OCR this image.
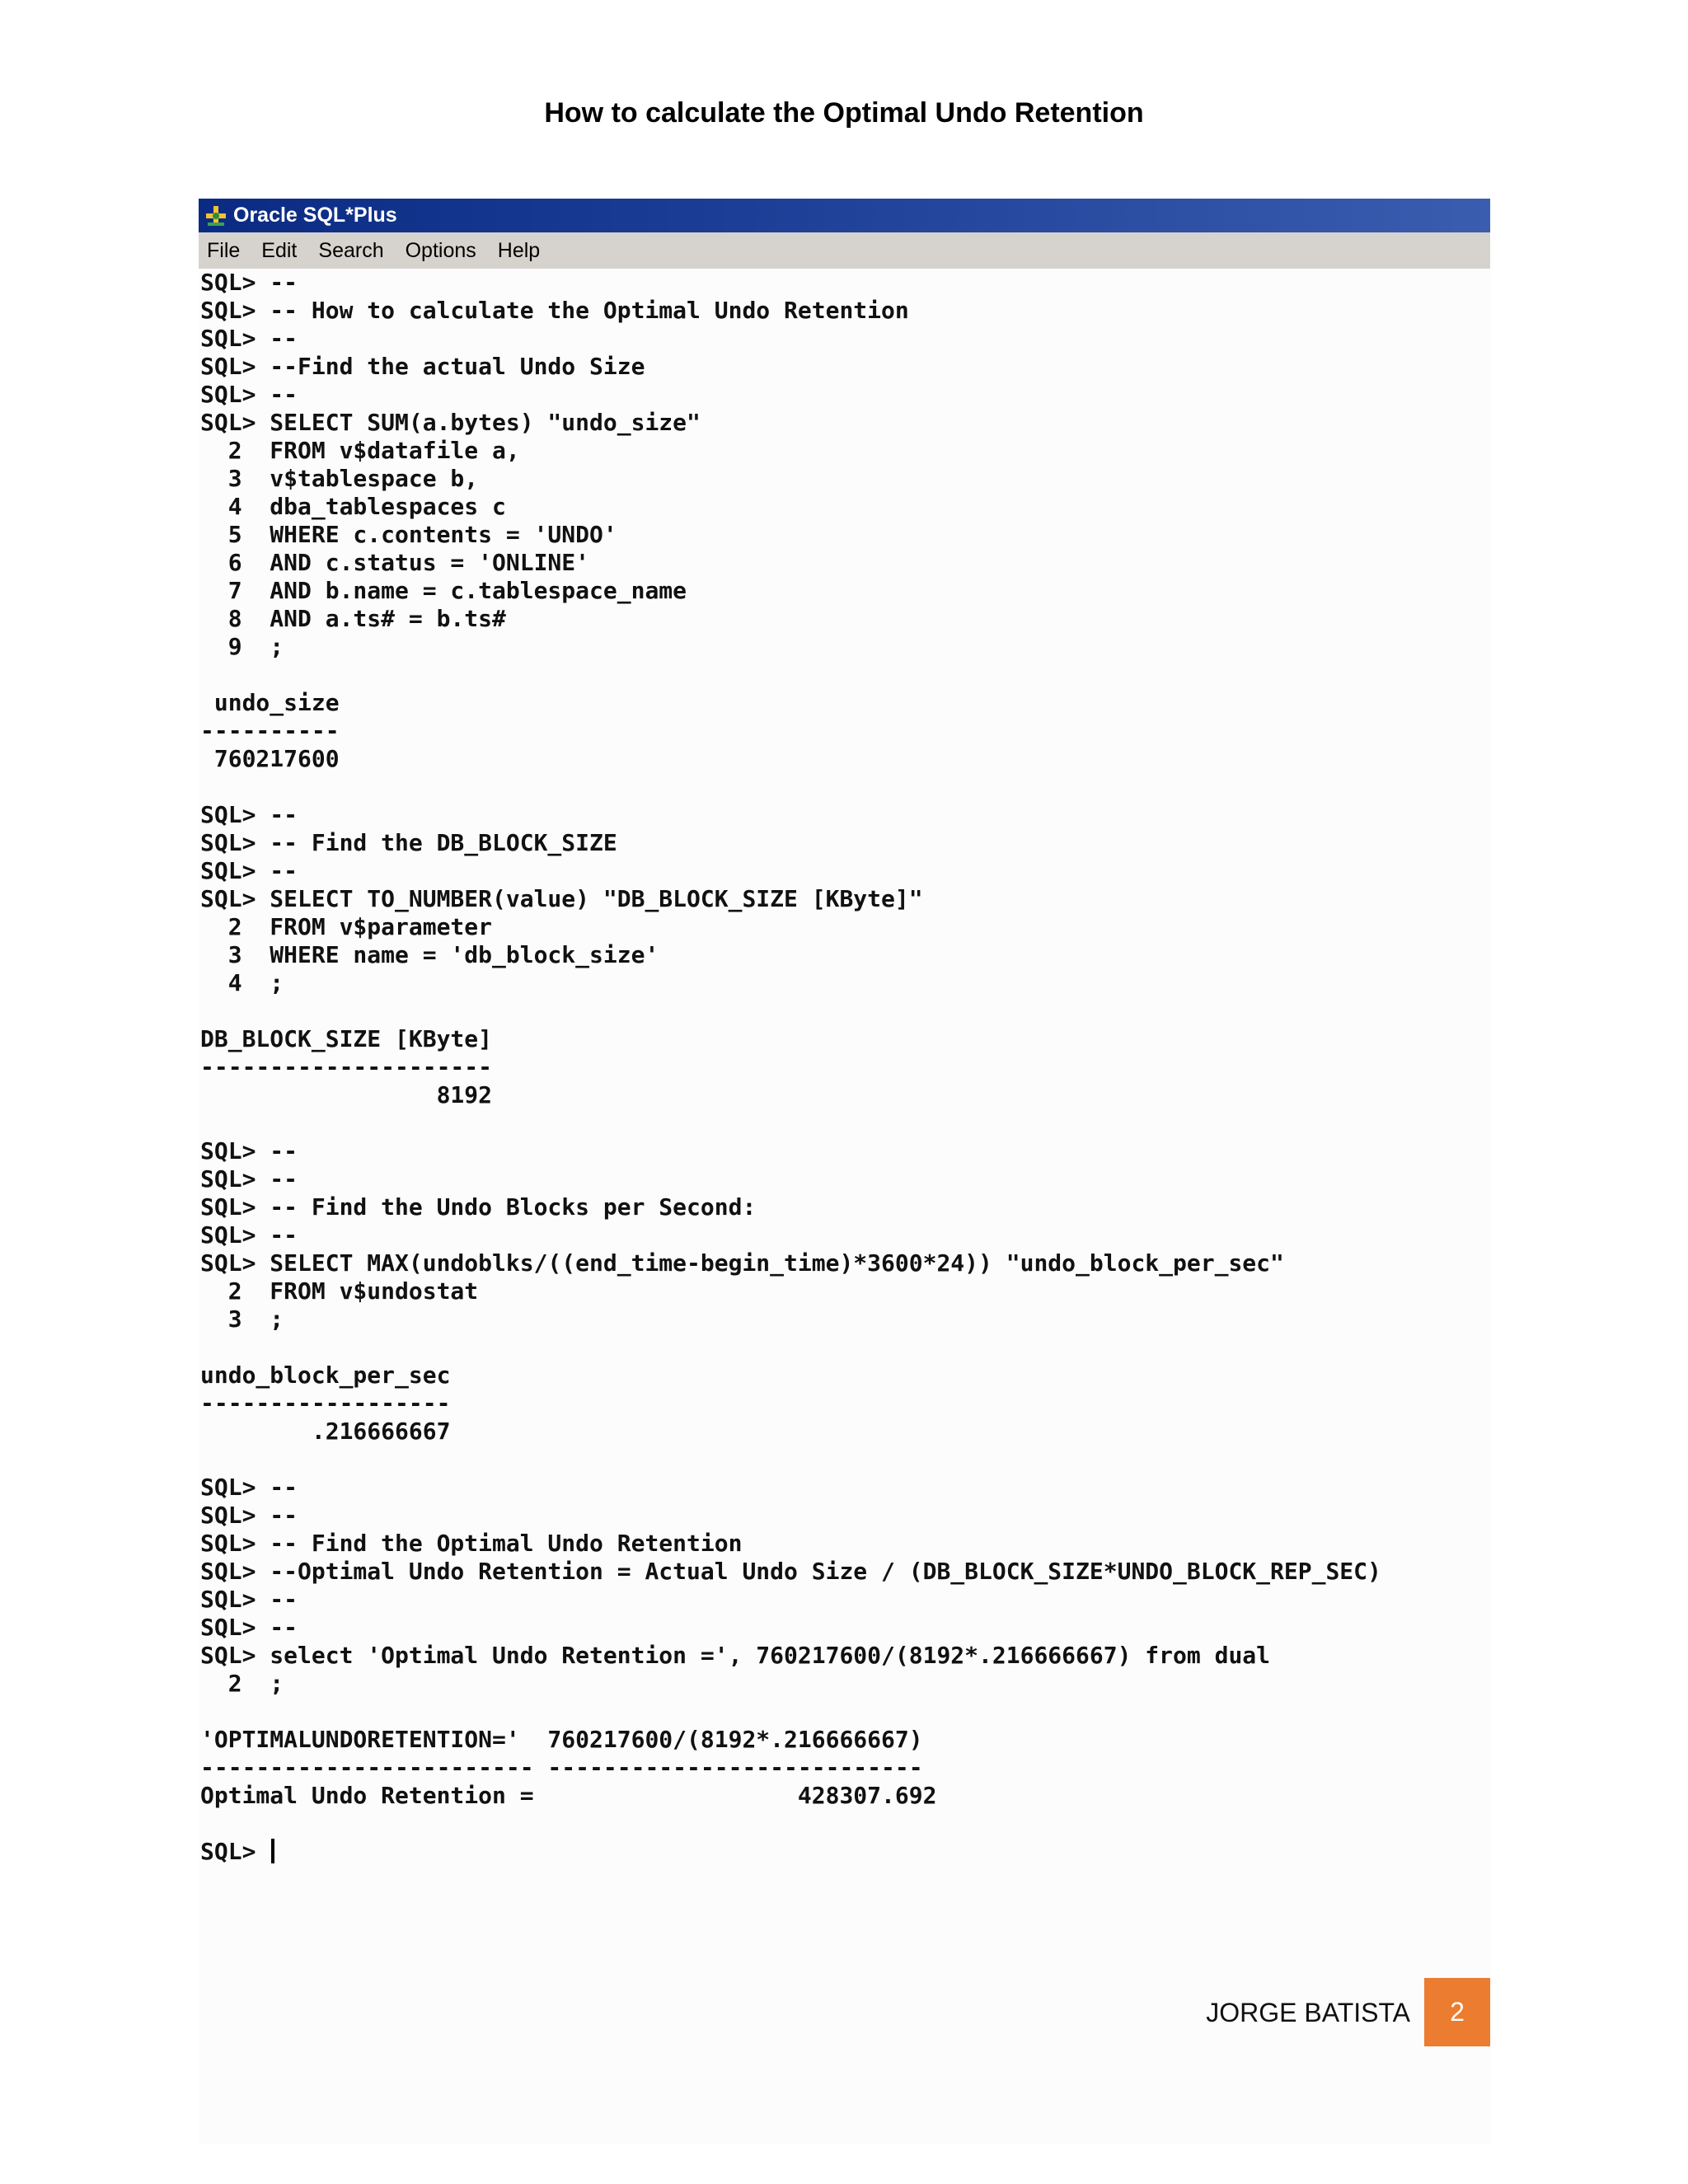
How to calculate the Optimal Undo Retention
Oracle SQL*Plus
File Edit Search Options Help
SQL> --
SQL> -- How to calculate the Optimal Undo Retention
SQL> --
SQL> --Find the actual Undo Size
SQL> --
SQL> SELECT SUM(a.bytes) "undo_size"
2  FROM v$datafile a,
3  v$tablespace b,
4  dba_tablespaces c
5  WHERE c.contents = 'UNDO'
6  AND c.status = 'ONLINE'
7  AND b.name = c.tablespace_name
8  AND a.ts# = b.ts#
9  ;

undo_size
----------
760217600

SQL> --
SQL> -- Find the DB_BLOCK_SIZE
SQL> --
SQL> SELECT TO_NUMBER(value) "DB_BLOCK_SIZE [KByte]"
2  FROM v$parameter
3  WHERE name = 'db_block_size'
4  ;

DB_BLOCK_SIZE [KByte]
---------------------
8192

SQL> --
SQL> --
SQL> -- Find the Undo Blocks per Second:
SQL> --
SQL> SELECT MAX(undoblks/((end_time-begin_time)*3600*24)) "undo_block_per_sec"
2  FROM v$undostat
3  ;

undo_block_per_sec
------------------
.216666667

SQL> --
SQL> --
SQL> -- Find the Optimal Undo Retention
SQL> --Optimal Undo Retention = Actual Undo Size / (DB_BLOCK_SIZE*UNDO_BLOCK_REP_SEC)
SQL> --
SQL> --
SQL> select 'Optimal Undo Retention =', 760217600/(8192*.216666667) from dual
2  ;

'OPTIMALUNDORETENTION='  760217600/(8192*.216666667)
------------------------ ---------------------------
Optimal Undo Retention =                   428307.692

SQL>
JORGE BATISTA	2
